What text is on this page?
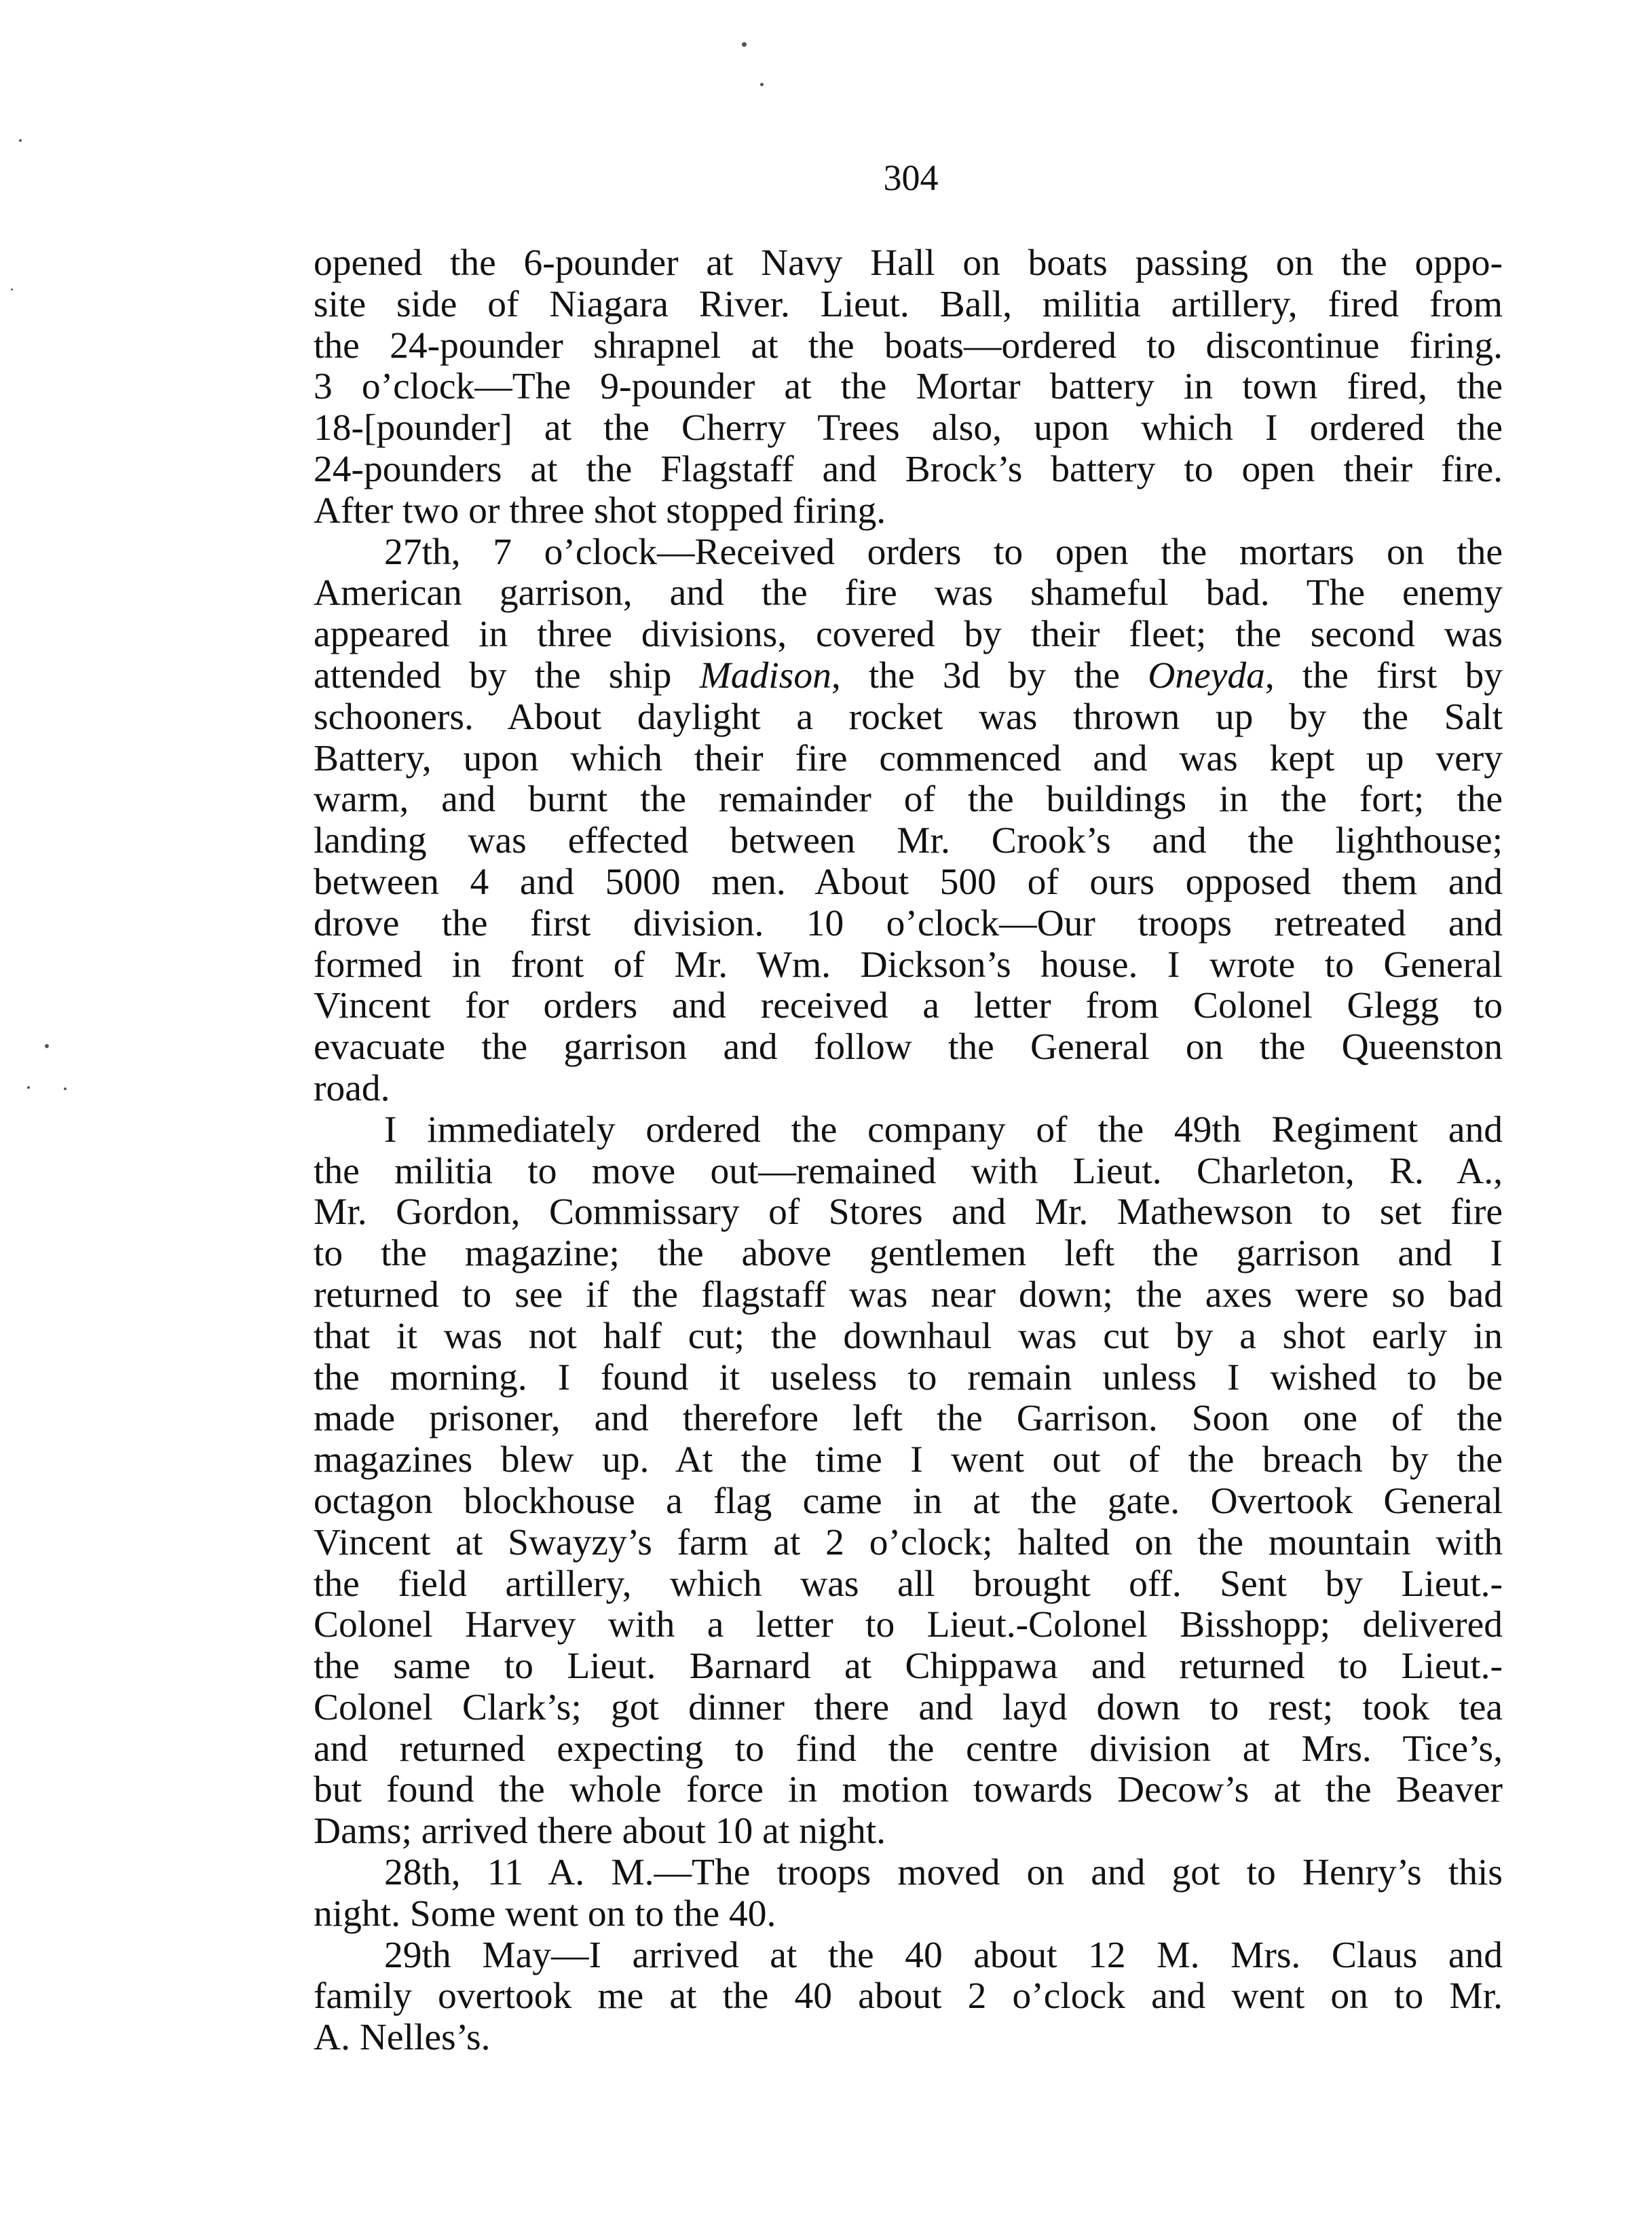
304
opened the 6-pounder at Navy Hall on boats passing on the oppo-
site side of Niagara River. Lieut. Ball, militia artillery, fired from
the 24-pounder shrapnel at the boats—ordered to discontinue firing.
3 o’clock—The 9-pounder at the Mortar battery in town fired, the
18-[pounder] at the Cherry Trees also, upon which I ordered the
24-pounders at the Flagstaff and Brock’s battery to open their fire.
After two or three shot stopped firing.
27th, 7 o’clock—Received orders to open the mortars on the
American garrison, and the fire was shameful bad. The enemy
appeared in three divisions, covered by their fleet; the second was
attended by the ship Madison, the 3d by the Oneyda, the first by
schooners. About daylight a rocket was thrown up by the Salt
Battery, upon which their fire commenced and was kept up very
warm, and burnt the remainder of the buildings in the fort; the
landing was effected between Mr. Crook’s and the lighthouse;
between 4 and 5000 men. About 500 of ours opposed them and
drove the first division. 10 o’clock—Our troops retreated and
formed in front of Mr. Wm. Dickson’s house. I wrote to General
Vincent for orders and received a letter from Colonel Glegg to
evacuate the garrison and follow the General on the Queenston
road.
I immediately ordered the company of the 49th Regiment and
the militia to move out—remained with Lieut. Charleton, R. A.,
Mr. Gordon, Commissary of Stores and Mr. Mathewson to set fire
to the magazine; the above gentlemen left the garrison and I
returned to see if the flagstaff was near down; the axes were so bad
that it was not half cut; the downhaul was cut by a shot early in
the morning. I found it useless to remain unless I wished to be
made prisoner, and therefore left the Garrison. Soon one of the
magazines blew up. At the time I went out of the breach by the
octagon blockhouse a flag came in at the gate. Overtook General
Vincent at Swayzy’s farm at 2 o’clock; halted on the mountain with
the field artillery, which was all brought off. Sent by Lieut.-
Colonel Harvey with a letter to Lieut.-Colonel Bisshopp; delivered
the same to Lieut. Barnard at Chippawa and returned to Lieut.-
Colonel Clark’s; got dinner there and layd down to rest; took tea
and returned expecting to find the centre division at Mrs. Tice’s,
but found the whole force in motion towards Decow’s at the Beaver
Dams; arrived there about 10 at night.
28th, 11 A. M.—The troops moved on and got to Henry’s this
night. Some went on to the 40.
29th May—I arrived at the 40 about 12 M. Mrs. Claus and
family overtook me at the 40 about 2 o’clock and went on to Mr.
A. Nelles’s.
